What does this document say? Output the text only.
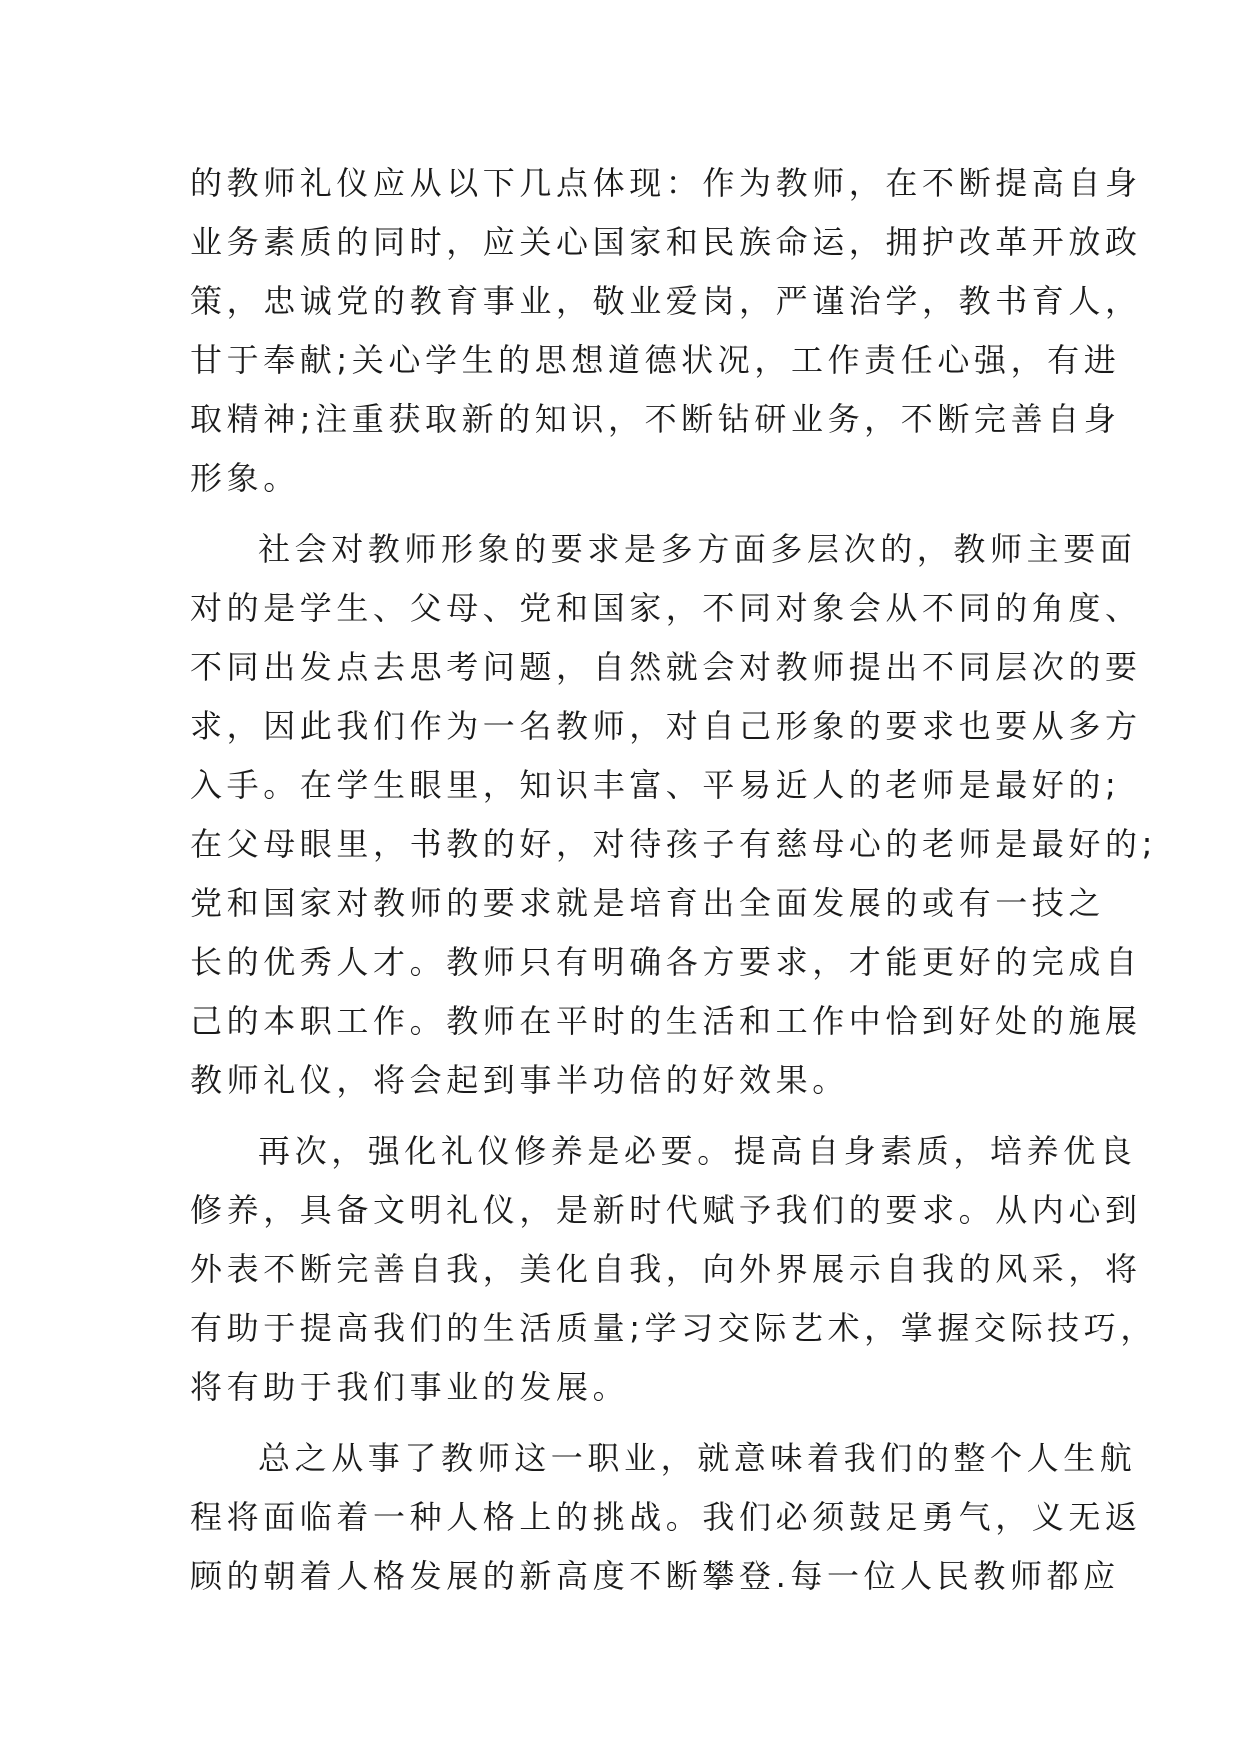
的教师礼仪应从以下几点体现：作为教师，在不断提高自身
业务素质的同时，应关心国家和民族命运，拥护改革开放政
策，忠诚党的教育事业，敬业爱岗，严谨治学，教书育人，
甘于奉献;关心学生的思想道德状况，工作责任心强，有进
取精神;注重获取新的知识，不断钻研业务，不断完善自身
形象。
社会对教师形象的要求是多方面多层次的，教师主要面
对的是学生、父母、党和国家，不同对象会从不同的角度、
不同出发点去思考问题，自然就会对教师提出不同层次的要
求，因此我们作为一名教师，对自己形象的要求也要从多方
入手。在学生眼里，知识丰富、平易近人的老师是最好的;
在父母眼里，书教的好，对待孩子有慈母心的老师是最好的;
党和国家对教师的要求就是培育出全面发展的或有一技之
长的优秀人才。教师只有明确各方要求，才能更好的完成自
己的本职工作。教师在平时的生活和工作中恰到好处的施展
教师礼仪，将会起到事半功倍的好效果。
再次，强化礼仪修养是必要。提高自身素质，培养优良
修养，具备文明礼仪，是新时代赋予我们的要求。从内心到
外表不断完善自我，美化自我，向外界展示自我的风采，将
有助于提高我们的生活质量;学习交际艺术，掌握交际技巧，
将有助于我们事业的发展。
总之从事了教师这一职业，就意味着我们的整个人生航
程将面临着一种人格上的挑战。我们必须鼓足勇气，义无返
顾的朝着人格发展的新高度不断攀登.每一位人民教师都应
